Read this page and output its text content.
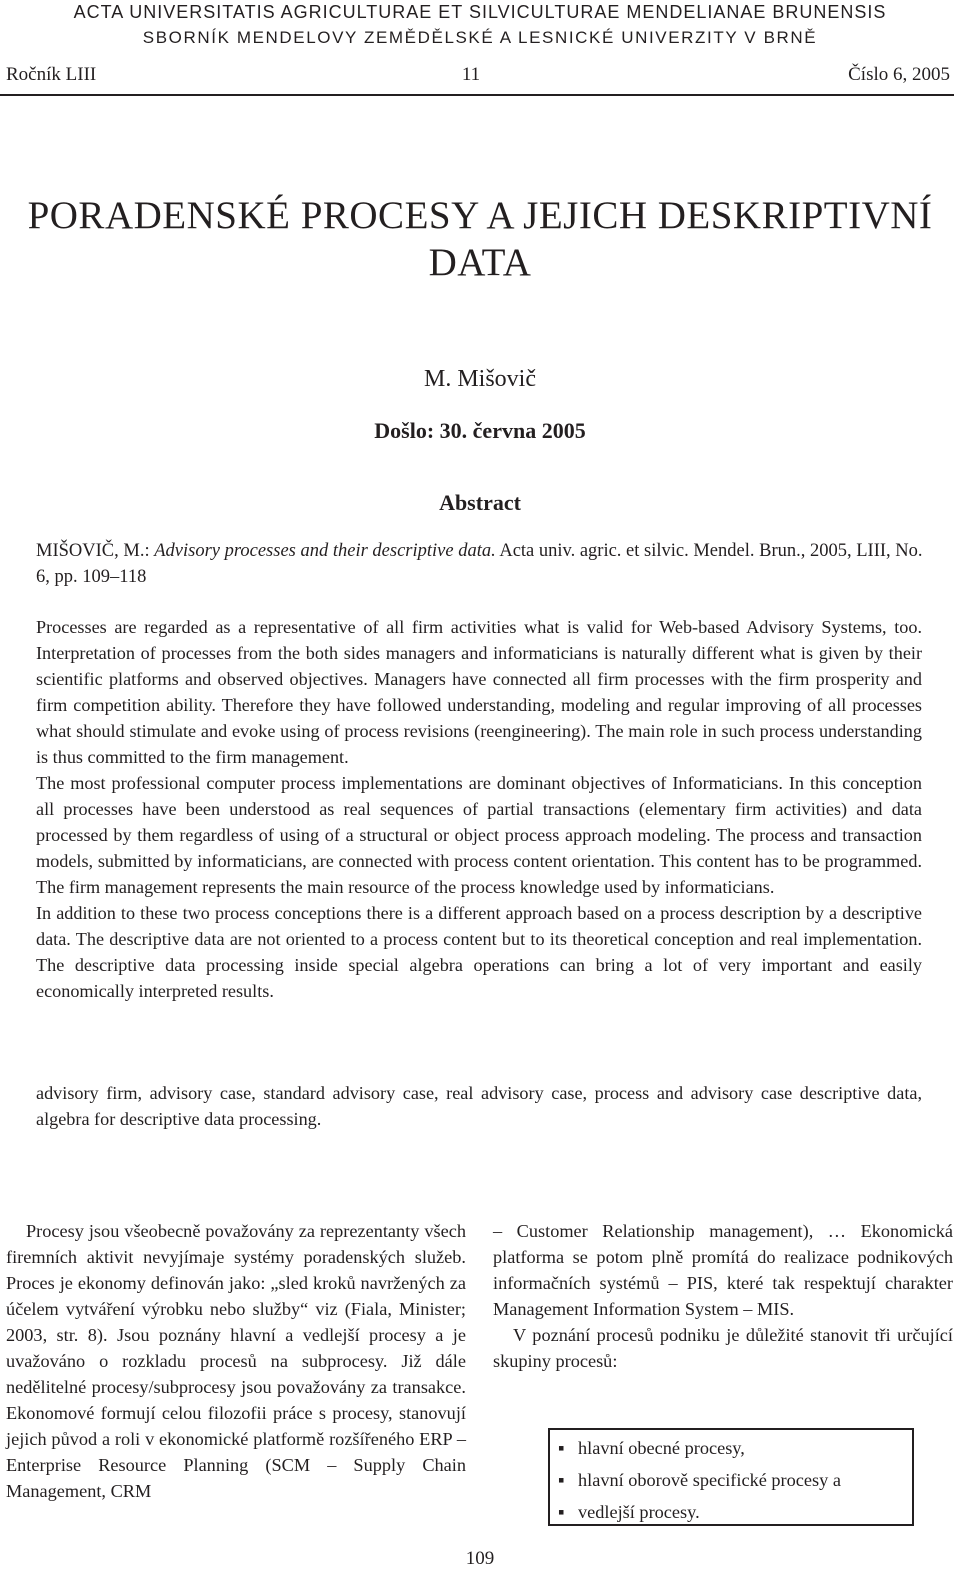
ACTA UNIVERSITATIS AGRICULTURAE ET SILVICULTURAE MENDELIANAE BRUNENSIS
SBORNÍK MENDELOVY ZEMĚDĚLSKÉ A LESNICKÉ UNIVERZITY V BRNĚ
Ročník LIII	11	Číslo 6, 2005
PORADENSKÉ PROCESY A JEJICH DESKRIPTIVNÍ
DATA
M. Mišovič
Došlo: 30. června 2005
Abstract
MIŠOVIČ, M.: Advisory processes and their descriptive data. Acta univ. agric. et silvic. Mendel. Brun., 2005, LIII, No. 6, pp. 109–118

Processes are regarded as a representative of all firm activities what is valid for Web-based Advisory Systems, too. Interpretation of processes from the both sides managers and informaticians is naturally different what is given by their scientific platforms and observed objectives. Managers have connected all firm processes with the firm prosperity and firm competition ability. Therefore they have followed understanding, modeling and regular improving of all processes what should stimulate and evoke using of process revisions (reengineering). The main role in such process understanding is thus committed to the firm management.

The most professional computer process implementations are dominant objectives of Informaticians. In this conception all processes have been understood as real sequences of partial transactions (elementary firm activities) and data processed by them regardless of using of a structural or object process approach modeling. The process and transaction models, submitted by informaticians, are connected with process content orientation. This content has to be programmed. The firm management represents the main resource of the process knowledge used by informaticians.

In addition to these two process conceptions there is a different approach based on a process description by a descriptive data. The descriptive data are not oriented to a process content but to its theoretical conception and real implementation. The descriptive data processing inside special algebra operations can bring a lot of very important and easily economically interpreted results.

advisory firm, advisory case, standard advisory case, real advisory case, process and advisory case descriptive data, algebra for descriptive data processing.

Procesy jsou všeobecně považovány za reprezentanty všech firemních aktivit nevyjímaje systémy poradenských služeb. Proces je ekonomy definován jako: „sled kroků navržených za účelem vytváření výrobku nebo služby“ viz (Fiala, Minister; 2003, str. 8). Jsou poznány hlavní a vedlejší procesy a je uvažováno o rozkladu procesů na subprocesy. Již dále nedělitelné procesy/subprocesy jsou považovány za transakce. Ekonomové formují celou filozofii práce s procesy, stanovují jejich původ a roli v ekonomické platformě rozšířeného ERP – Enterprise Resource Planning (SCM – Supply Chain Management, CRM

– Customer Relationship management), … Ekonomická platforma se potom plně promítá do realizace podnikových informačních systémů – PIS, které tak respektují charakter Management Information System – MIS.

V poznání procesů podniku je důležité stanovit tři určující skupiny procesů:

▪ hlavní obecné procesy,
▪ hlavní oborově specifické procesy a
▪ vedlejší procesy.
109
